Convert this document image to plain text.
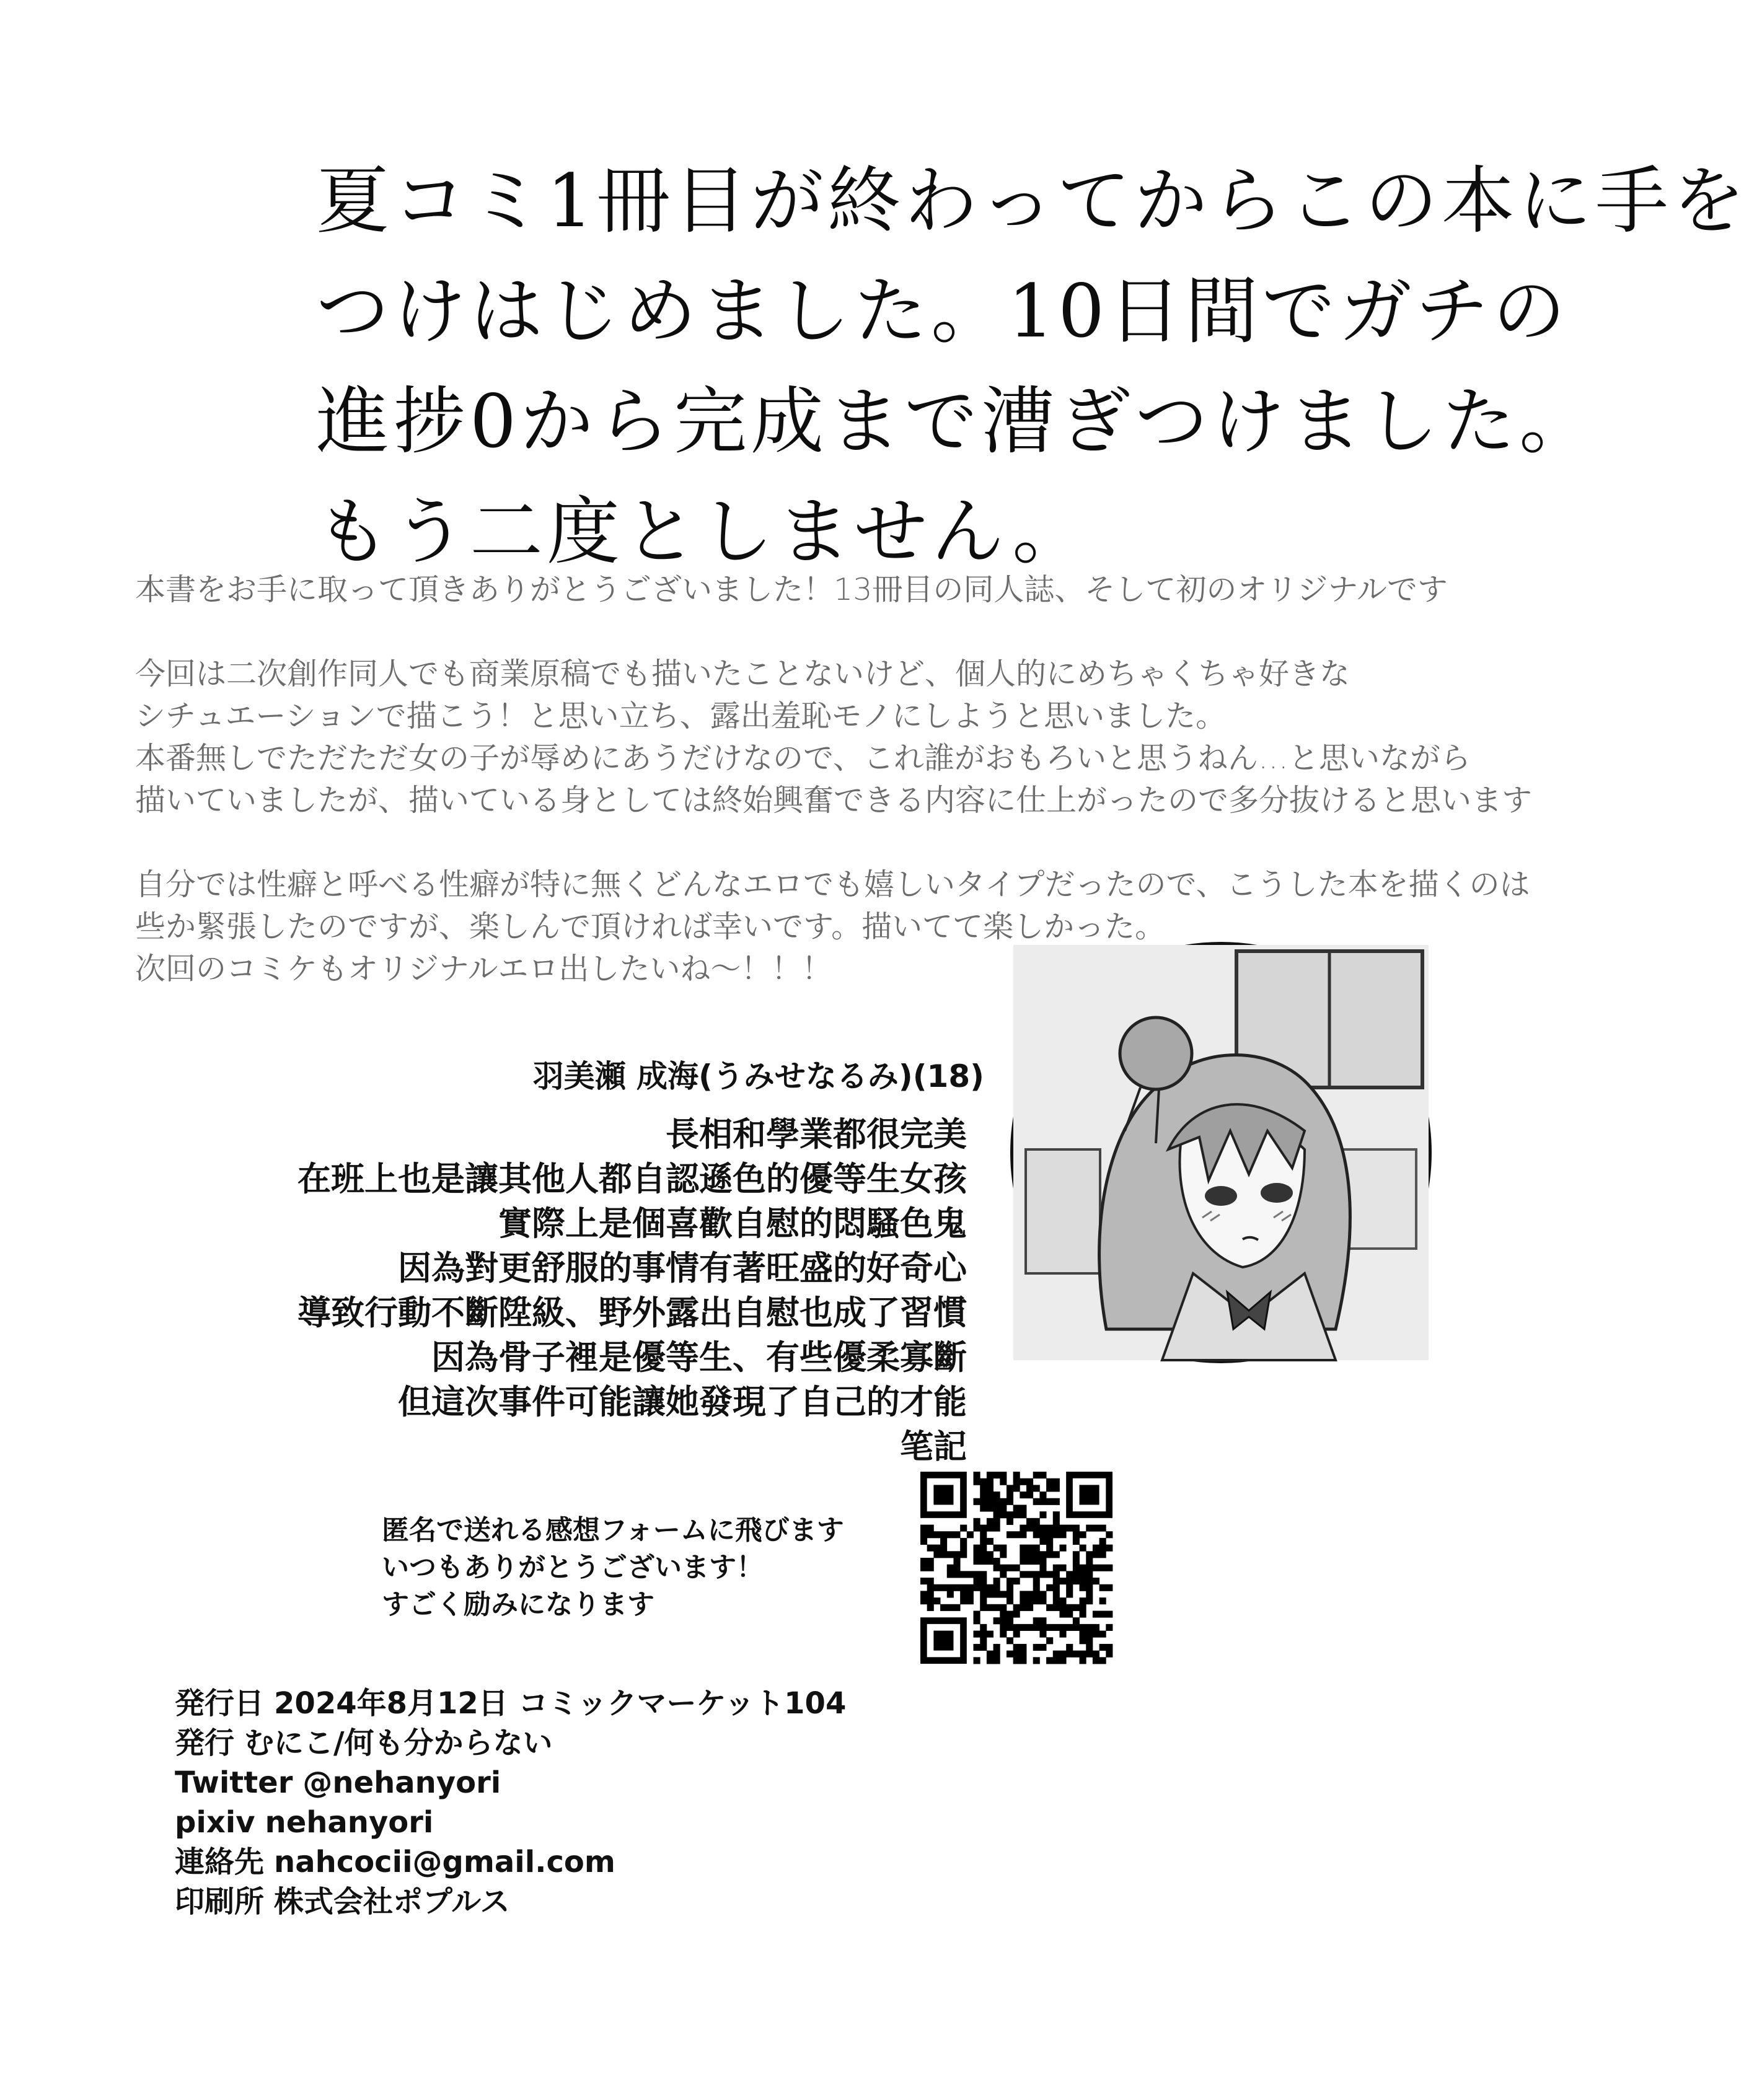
夏コミ1冊目が終わってからこの本に手を
つけはじめました。10日間でガチの
進捗0から完成まで漕ぎつけました。
もう二度としません。
本書をお手に取って頂きありがとうございました！13冊目の同人誌、そして初のオリジナルです
今回は二次創作同人でも商業原稿でも描いたことないけど、個人的にめちゃくちゃ好きな
シチュエーションで描こう！と思い立ち、露出羞恥モノにしようと思いました。
本番無しでただただ女の子が辱めにあうだけなので、これ誰がおもろいと思うねん…と思いながら
描いていましたが、描いている身としては終始興奮できる内容に仕上がったので多分抜けると思います
自分では性癖と呼べる性癖が特に無くどんなエロでも嬉しいタイプだったので、こうした本を描くのは
些か緊張したのですが、楽しんで頂ければ幸いです。描いてて楽しかった。
次回のコミケもオリジナルエロ出したいね〜！！！
羽美瀬 成海(うみせなるみ)(18)
長相和學業都很完美
在班上也是讓其他人都自認遜色的優等生女孩
實際上是個喜歡自慰的悶騷色鬼
因為對更舒服的事情有著旺盛的好奇心
導致行動不斷陞級、野外露出自慰也成了習慣
因為骨子裡是優等生、有些優柔寡斷
但這次事件可能讓她發現了自己的才能
笔記
匿名で送れる感想フォームに飛びます
いつもありがとうございます！
すごく励みになります
発行日 2024年8月12日 コミックマーケット104
発行 むにこ/何も分からない
Twitter @nehanyori
pixiv nehanyori
連絡先 nahcocii@gmail.com
印刷所 株式会社ポプルス
